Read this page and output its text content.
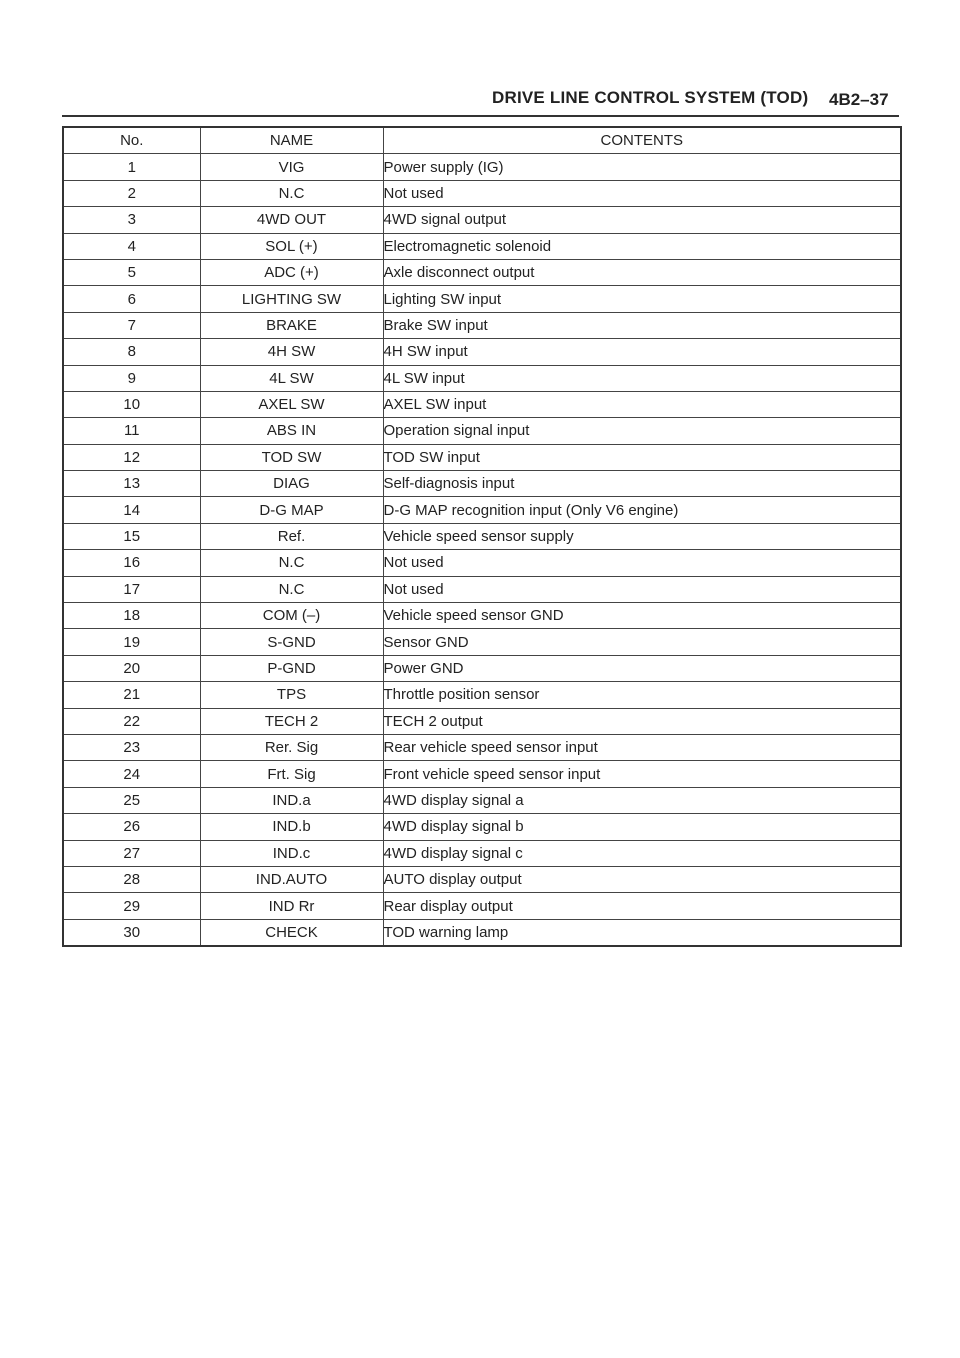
DRIVE LINE CONTROL SYSTEM (TOD) 4B2–37
No.	NAME	CONTENTS
1	VIG	Power supply (IG)
2	N.C	Not used
3	4WD OUT	4WD signal output
4	SOL (+)	Electromagnetic solenoid
5	ADC (+)	Axle disconnect output
6	LIGHTING SW	Lighting SW input
7	BRAKE	Brake SW input
8	4H SW	4H SW input
9	4L SW	4L SW input
10	AXEL SW	AXEL SW input
11	ABS IN	Operation signal input
12	TOD SW	TOD SW input
13	DIAG	Self-diagnosis input
14	D-G MAP	D-G MAP recognition input (Only V6 engine)
15	Ref.	Vehicle speed sensor supply
16	N.C	Not used
17	N.C	Not used
18	COM (–)	Vehicle speed sensor GND
19	S-GND	Sensor GND
20	P-GND	Power GND
21	TPS	Throttle position sensor
22	TECH 2	TECH 2 output
23	Rer. Sig	Rear vehicle speed sensor input
24	Frt. Sig	Front vehicle speed sensor input
25	IND.a	4WD display signal a
26	IND.b	4WD display signal b
27	IND.c	4WD display signal c
28	IND.AUTO	AUTO display output
29	IND Rr	Rear display output
30	CHECK	TOD warning lamp
